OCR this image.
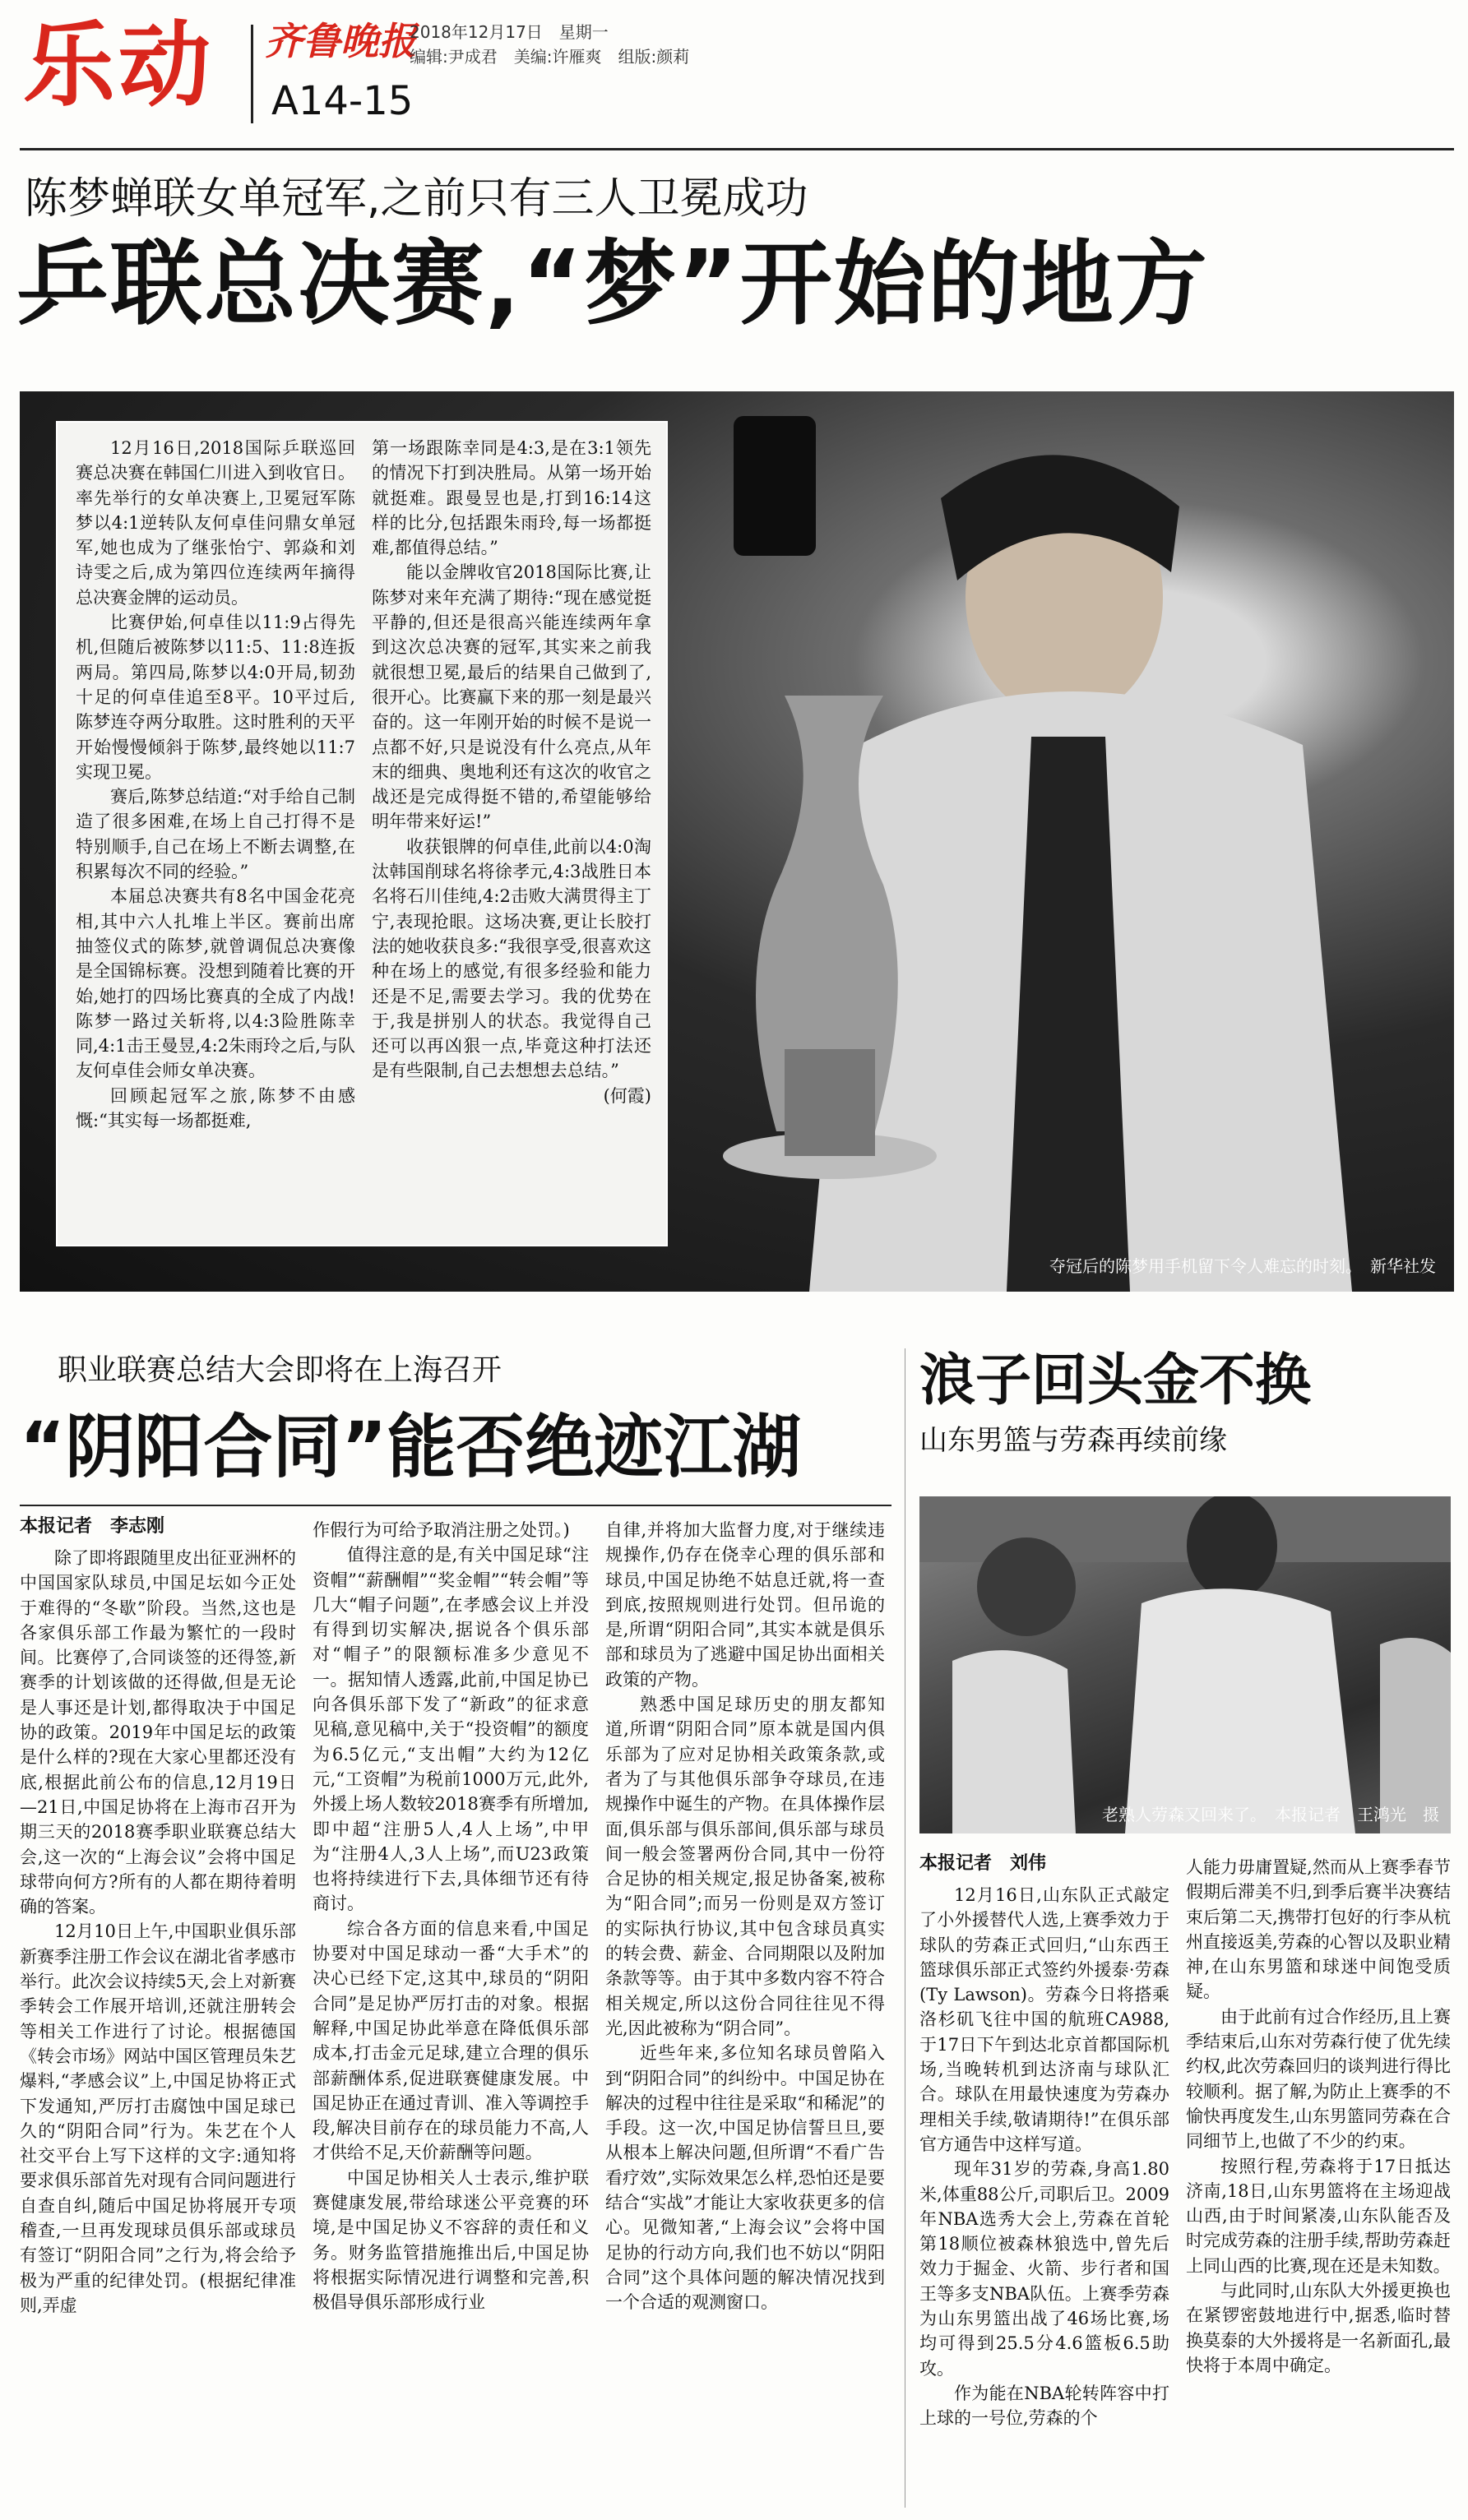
乐动 齐鲁晚报
2018年12月17日　星期一
编辑:尹成君　美编:许雁爽　组版:颜莉
A14-15
陈梦蝉联女单冠军,之前只有三人卫冕成功
乒联总决赛,“梦”开始的地方

12月16日,2018国际乒联巡回赛总决赛在韩国仁川进入到收官日。率先举行的女单决赛上,卫冕冠军陈梦以4:1逆转队友何卓佳问鼎女单冠军,她也成为了继张怡宁、郭焱和刘诗雯之后,成为第四位连续两年摘得总决赛金牌的运动员。

比赛伊始,何卓佳以11:9占得先机,但随后被陈梦以11:5、11:8连扳两局。第四局,陈梦以4:0开局,韧劲十足的何卓佳追至8平。10平过后,陈梦连夺两分取胜。这时胜利的天平开始慢慢倾斜于陈梦,最终她以11:7实现卫冕。

赛后,陈梦总结道:“对手给自己制造了很多困难,在场上自己打得不是特别顺手,自己在场上不断去调整,在积累每次不同的经验。”

本届总决赛共有8名中国金花亮相,其中六人扎堆上半区。赛前出席抽签仪式的陈梦,就曾调侃总决赛像是全国锦标赛。没想到随着比赛的开始,她打的四场比赛真的全成了内战!陈梦一路过关斩将,以4:3险胜陈幸同,4:1击王曼昱,4:2朱雨玲之后,与队友何卓佳会师女单决赛。

回顾起冠军之旅,陈梦不由感慨:“其实每一场都挺难,

第一场跟陈幸同是4:3,是在3:1领先的情况下打到决胜局。从第一场开始就挺难。跟曼昱也是,打到16:14这样的比分,包括跟朱雨玲,每一场都挺难,都值得总结。”

能以金牌收官2018国际比赛,让陈梦对来年充满了期待:“现在感觉挺平静的,但还是很高兴能连续两年拿到这次总决赛的冠军,其实来之前我就很想卫冕,最后的结果自己做到了,很开心。比赛赢下来的那一刻是最兴奋的。这一年刚开始的时候不是说一点都不好,只是说没有什么亮点,从年末的细典、奥地利还有这次的收官之战还是完成得挺不错的,希望能够给明年带来好运!”

收获银牌的何卓佳,此前以4:0淘汰韩国削球名将徐孝元,4:3战胜日本名将石川佳纯,4:2击败大满贯得主丁宁,表现抢眼。这场决赛,更让长胶打法的她收获良多:“我很享受,很喜欢这种在场上的感觉,有很多经验和能力还是不足,需要去学习。我的优势在于,我是拼别人的状态。我觉得自己还可以再凶狠一点,毕竟这种打法还是有些限制,自己去想想去总结。”

(何霞)
夺冠后的陈梦用手机留下令人难忘的时刻。　新华社发
职业联赛总结大会即将在上海召开
“阴阳合同”能否绝迹江湖
本报记者　李志刚

除了即将跟随里皮出征亚洲杯的中国国家队球员,中国足坛如今正处于难得的“冬歇”阶段。当然,这也是各家俱乐部工作最为繁忙的一段时间。比赛停了,合同谈签的还得签,新赛季的计划该做的还得做,但是无论是人事还是计划,都得取决于中国足协的政策。2019年中国足坛的政策是什么样的?现在大家心里都还没有底,根据此前公布的信息,12月19日—21日,中国足协将在上海市召开为期三天的2018赛季职业联赛总结大会,这一次的“上海会议”会将中国足球带向何方?所有的人都在期待着明确的答案。

12月10日上午,中国职业俱乐部新赛季注册工作会议在湖北省孝感市举行。此次会议持续5天,会上对新赛季转会工作展开培训,还就注册转会等相关工作进行了讨论。根据德国《转会市场》网站中国区管理员朱艺爆料,“孝感会议”上,中国足协将正式下发通知,严厉打击腐蚀中国足球已久的“阴阳合同”行为。朱艺在个人社交平台上写下这样的文字:通知将要求俱乐部首先对现有合同问题进行自查自纠,随后中国足协将展开专项稽查,一旦再发现球员俱乐部或球员有签订“阴阳合同”之行为,将会给予极为严重的纪律处罚。(根据纪律准则,弄虚

作假行为可给予取消注册之处罚。)

值得注意的是,有关中国足球“注资帽”“薪酬帽”“奖金帽”“转会帽”等几大“帽子问题”,在孝感会议上并没有得到切实解决,据说各个俱乐部对“帽子”的限额标准多少意见不一。据知情人透露,此前,中国足协已向各俱乐部下发了“新政”的征求意见稿,意见稿中,关于“投资帽”的额度为6.5亿元,“支出帽”大约为12亿元,“工资帽”为税前1000万元,此外,外援上场人数较2018赛季有所增加,即中超“注册5人,4人上场”,中甲为“注册4人,3人上场”,而U23政策也将持续进行下去,具体细节还有待商讨。

综合各方面的信息来看,中国足协要对中国足球动一番“大手术”的决心已经下定,这其中,球员的“阴阳合同”是足协严厉打击的对象。根据解释,中国足协此举意在降低俱乐部成本,打击金元足球,建立合理的俱乐部薪酬体系,促进联赛健康发展。中国足协正在通过青训、准入等调控手段,解决目前存在的球员能力不高,人才供给不足,天价薪酬等问题。

中国足协相关人士表示,维护联赛健康发展,带给球迷公平竞赛的环境,是中国足协义不容辞的责任和义务。财务监管措施推出后,中国足协将根据实际情况进行调整和完善,积极倡导俱乐部形成行业

自律,并将加大监督力度,对于继续违规操作,仍存在侥幸心理的俱乐部和球员,中国足协绝不姑息迁就,将一查到底,按照规则进行处罚。但吊诡的是,所谓“阴阳合同”,其实本就是俱乐部和球员为了逃避中国足协出面相关政策的产物。

熟悉中国足球历史的朋友都知道,所谓“阴阳合同”原本就是国内俱乐部为了应对足协相关政策条款,或者为了与其他俱乐部争夺球员,在违规操作中诞生的产物。在具体操作层面,俱乐部与俱乐部间,俱乐部与球员间一般会签署两份合同,其中一份符合足协的相关规定,报足协备案,被称为“阳合同”;而另一份则是双方签订的实际执行协议,其中包含球员真实的转会费、薪金、合同期限以及附加条款等等。由于其中多数内容不符合相关规定,所以这份合同往往见不得光,因此被称为“阴合同”。

近些年来,多位知名球员曾陷入到“阴阳合同”的纠纷中。中国足协在解决的过程中往往是采取“和稀泥”的手段。这一次,中国足协信誓旦旦,要从根本上解决问题,但所谓“不看广告看疗效”,实际效果怎么样,恐怕还是要结合“实战”才能让大家收获更多的信心。见微知著,“上海会议”会将中国足协的行动方向,我们也不妨以“阴阳合同”这个具体问题的解决情况找到一个合适的观测窗口。

浪子回头金不换
山东男篮与劳森再续前缘
老熟人劳森又回来了。　本报记者　王鸿光　摄
本报记者　刘伟

12月16日,山东队正式敲定了小外援替代人选,上赛季效力于球队的劳森正式回归,“山东西王篮球俱乐部正式签约外援泰·劳森(Ty Lawson)。劳森今日将搭乘洛杉矶飞往中国的航班CA988,于17日下午到达北京首都国际机场,当晚转机到达济南与球队汇合。球队在用最快速度为劳森办理相关手续,敬请期待!”在俱乐部官方通告中这样写道。

现年31岁的劳森,身高1.80米,体重88公斤,司职后卫。2009年NBA选秀大会上,劳森在首轮第18顺位被森林狼选中,曾先后效力于掘金、火箭、步行者和国王等多支NBA队伍。上赛季劳森为山东男篮出战了46场比赛,场均可得到25.5分4.6篮板6.5助攻。

作为能在NBA轮转阵容中打上球的一号位,劳森的个

人能力毋庸置疑,然而从上赛季春节假期后滞美不归,到季后赛半决赛结束后第二天,携带打包好的行李从杭州直接返美,劳森的心智以及职业精神,在山东男篮和球迷中间饱受质疑。

由于此前有过合作经历,且上赛季结束后,山东对劳森行使了优先续约权,此次劳森回归的谈判进行得比较顺利。据了解,为防止上赛季的不愉快再度发生,山东男篮同劳森在合同细节上,也做了不少的约束。

按照行程,劳森将于17日抵达济南,18日,山东男篮将在主场迎战山西,由于时间紧凑,山东队能否及时完成劳森的注册手续,帮助劳森赶上同山西的比赛,现在还是未知数。

与此同时,山东队大外援更换也在紧锣密鼓地进行中,据悉,临时替换莫泰的大外援将是一名新面孔,最快将于本周中确定。
